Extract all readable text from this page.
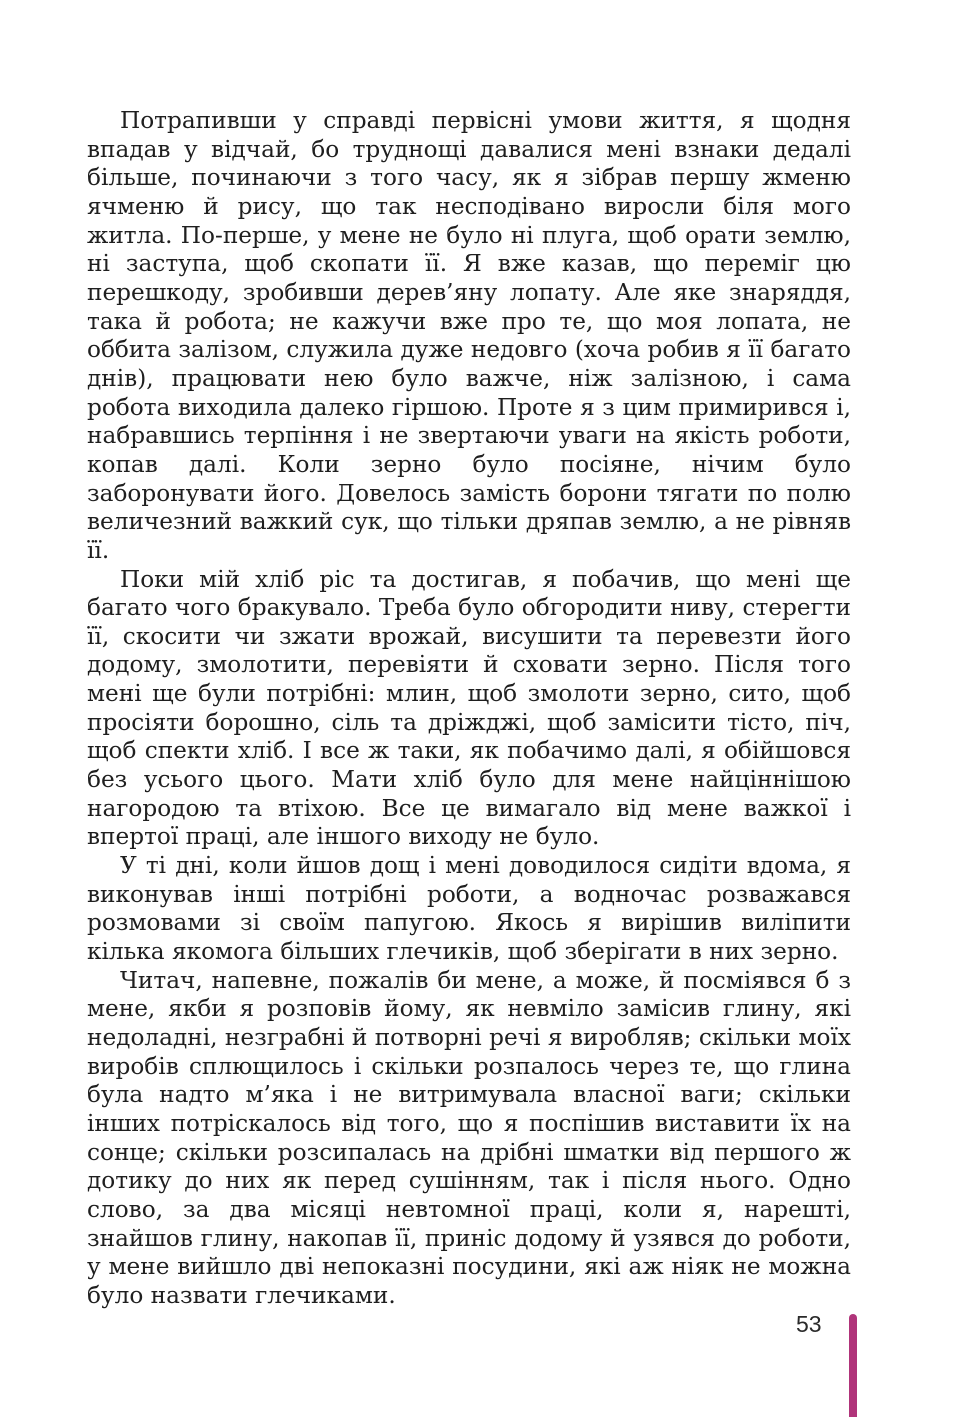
Потрапивши у справді первісні умови життя, я щодня впадав у відчай, бо труднощі давалися мені взнаки дедалі більше, починаючи з того часу, як я зібрав першу жменю ячменю й рису, що так несподівано виросли біля мого житла. По-перше, у мене не було ні плуга, щоб орати землю, ні заступа, щоб скопати її. Я вже казав, що переміг цю перешкоду, зробивши дерев’яну лопату. Але яке знаряддя, така й робота; не кажучи вже про те, що моя лопата, не оббита залізом, служила дуже недовго (хоча робив я її багато днів), працювати нею було важче, ніж залізною, і сама робота виходила далеко гіршою. Проте я з цим примирився і, набравшись терпіння і не звертаючи уваги на якість роботи, копав далі. Коли зерно було посіяне, нічим було заборонувати його. Довелось замість борони тягати по полю величезний важкий сук, що тільки дряпав землю, а не рівняв її.

Поки мій хліб ріс та достигав, я побачив, що мені ще багато чого бракувало. Треба було обгородити ниву, стерегти її, скосити чи зжати врожай, висушити та перевезти його додому, змолотити, перевіяти й сховати зерно. Після того мені ще були потрібні: млин, щоб змолоти зерно, сито, щоб просіяти борошно, сіль та дріжджі, щоб замісити тісто, піч, щоб спекти хліб. І все ж таки, як побачимо далі, я обійшовся без усього цього. Мати хліб було для мене найціннішою нагородою та втіхою. Все це вимагало від мене важкої і впертої праці, але іншого виходу не було.

У ті дні, коли йшов дощ і мені доводилося сидіти вдома, я виконував інші потрібні роботи, а водночас розважався розмовами зі своїм папугою. Якось я вирішив виліпити кілька якомога більших глечиків, щоб зберігати в них зерно.

Читач, напевне, пожалів би мене, а може, й посміявся б з мене, якби я розповів йому, як невміло замісив глину, які недоладні, незграбні й потворні речі я виробляв; скільки моїх виробів сплющилось і скільки розпалось через те, що глина була надто м’яка і не витримувала власної ваги; скільки інших потріскалось від того, що я поспішив виставити їх на сонце; скільки розсипалась на дрібні шматки від першого ж дотику до них як перед сушінням, так і після нього. Одно слово, за два місяці невтомної праці, коли я, нарешті, знайшов глину, накопав її, приніс додому й узявся до роботи, у мене вийшло дві непоказні посудини, які аж ніяк не можна було назвати глечиками.

53
